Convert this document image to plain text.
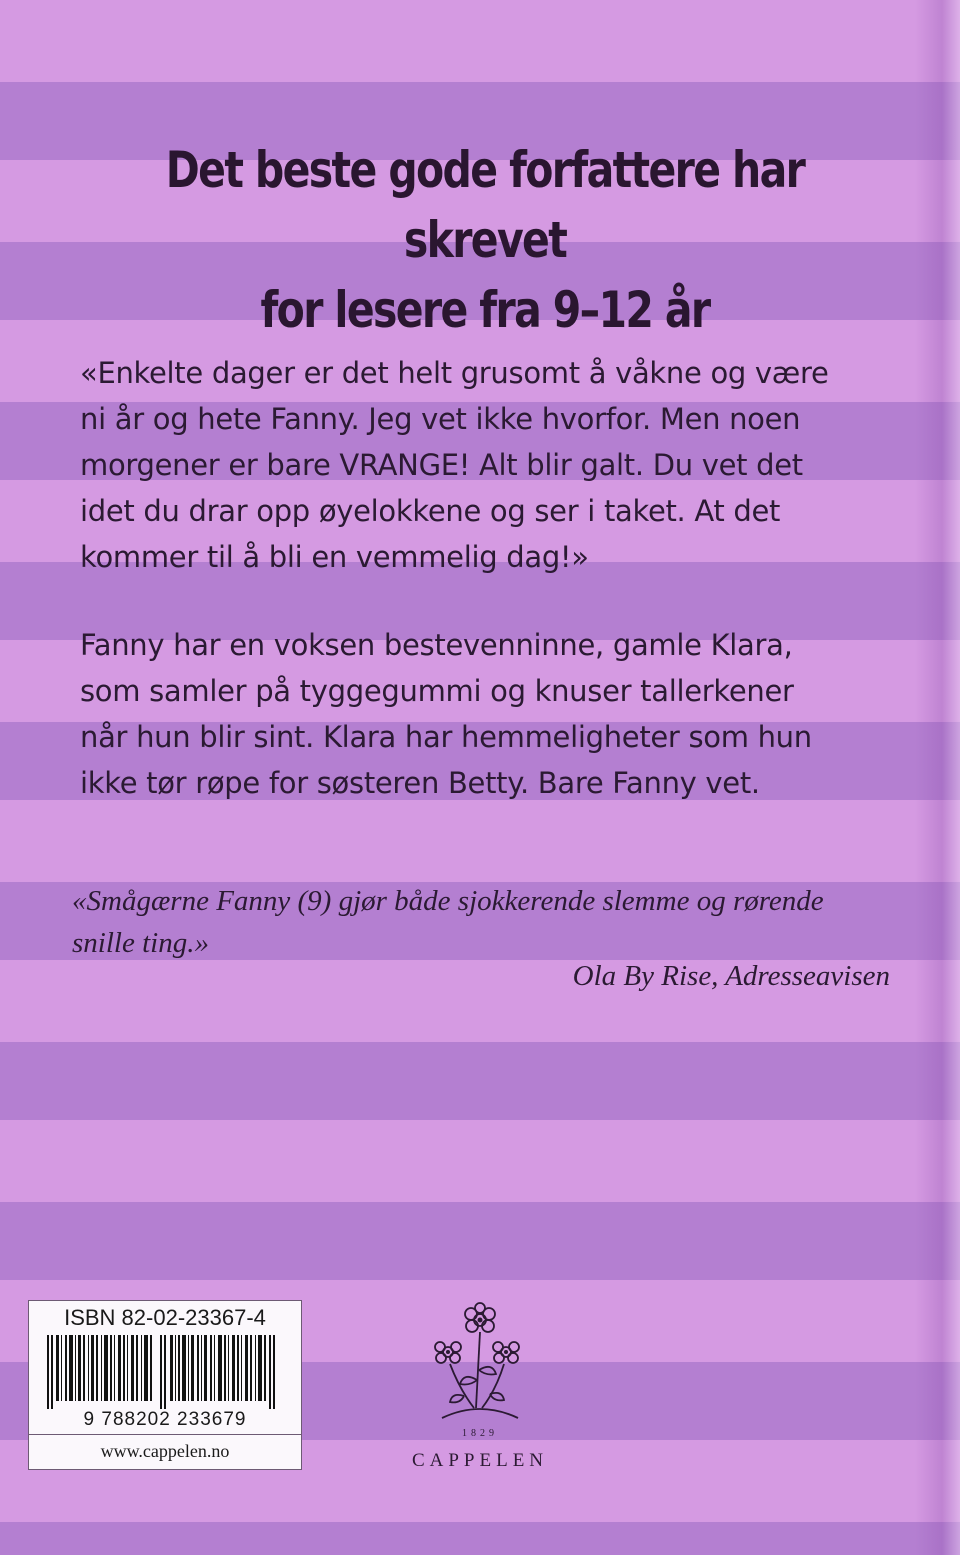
Det beste gode forfattere har skrevet
for lesere fra 9–12 år
«Enkelte dager er det helt grusomt å våkne og være
ni år og hete Fanny. Jeg vet ikke hvorfor. Men noen
morgener er bare VRANGE! Alt blir galt. Du vet det
idet du drar opp øyelokkene og ser i taket. At det
kommer til å bli en vemmelig dag!»
Fanny har en voksen bestevenninne, gamle Klara,
som samler på tyggegummi og knuser tallerkener
når hun blir sint. Klara har hemmeligheter som hun
ikke tør røpe for søsteren Betty. Bare Fanny vet.
«Smågærne Fanny (9) gjør både sjokkerende slemme og rørende
snille ting.»
Ola By Rise, Adresseavisen
ISBN 82-02-23367-4
9 788202 233679
www.cappelen.no
1829
CAPPELEN
